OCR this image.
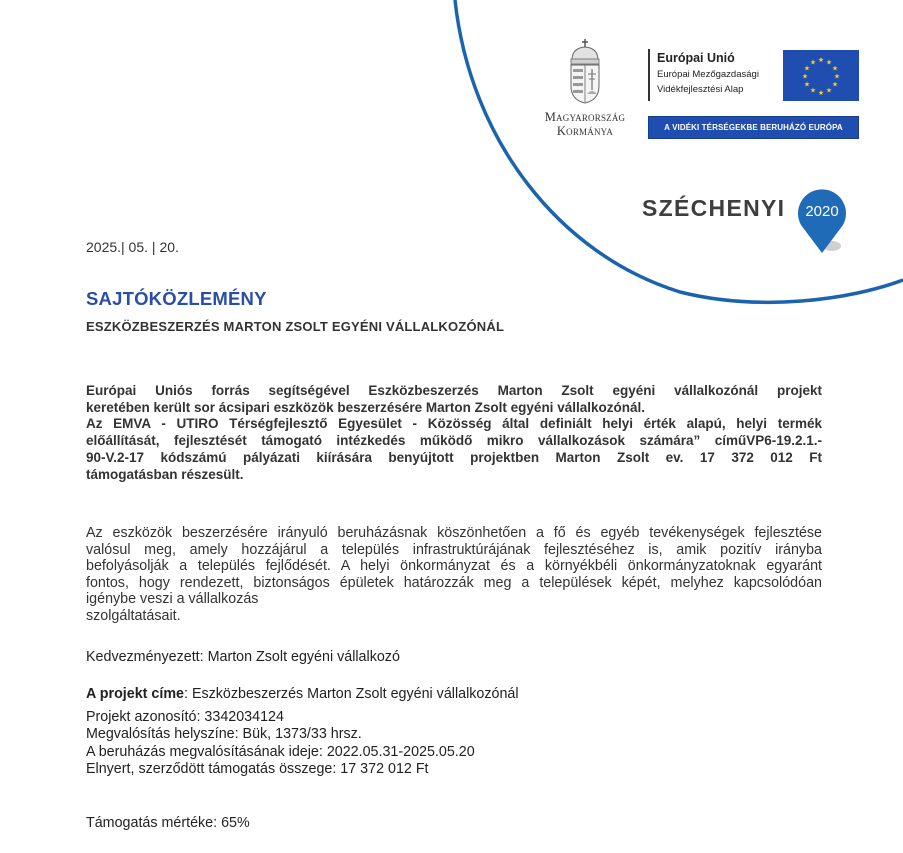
Magyarország
Kormánya
Európai Unió
Európai Mezőgazdasági
Vidékfejlesztési Alap
★ ★
★
★
★
★
★
★
★
★
★
★
A VIDÉKI TÉRSÉGEKBE BERUHÁZÓ EURÓPA
SZÉCHENYI 2020
2025.| 05. | 20.
SAJTÓKÖZLEMÉNY
ESZKÖZBESZERZÉS MARTON ZSOLT EGYÉNI VÁLLALKOZÓNÁL
Európai Uniós forrás segítségével Eszközbeszerzés Marton Zsolt egyéni vállalkozónál projekt
keretében került sor ácsipari eszközök beszerzésére Marton Zsolt egyéni vállalkozónál.
Az EMVA - UTIRO Térségfejlesztő Egyesület - Közösség által definiált helyi érték alapú, helyi termék
előállítását, fejlesztését támogató intézkedés működő mikro vállalkozások számára” címűVP6-19.2.1.-
90-V.2-17 kódszámú pályázati kiírására benyújtott projektben Marton Zsolt ev. 17 372 012 Ft
támogatásban részesült.
Az eszközök beszerzésére irányuló beruházásnak köszönhetően a fő és egyéb tevékenységek fejlesztése
valósul meg, amely hozzájárul a település infrastruktúrájának fejlesztéséhez is, amik pozitív irányba
befolyásolják a település fejlődését. A helyi önkormányzat és a környékbéli önkormányzatoknak egyaránt
fontos, hogy rendezett, biztonságos épületek határozzák meg a települések képét, melyhez kapcsolódóan
igénybe veszi a vállalkozás
szolgáltatásait.
Kedvezményezett: Marton Zsolt egyéni vállalkozó
A projekt címe: Eszközbeszerzés Marton Zsolt egyéni vállalkozónál
Projekt azonosító: 3342034124
Megvalósítás helyszíne: Bük, 1373/33 hrsz.
A beruházás megvalósításának ideje: 2022.05.31-2025.05.20
Elnyert, szerződött támogatás összege: 17 372 012 Ft
Támogatás mértéke: 65%
